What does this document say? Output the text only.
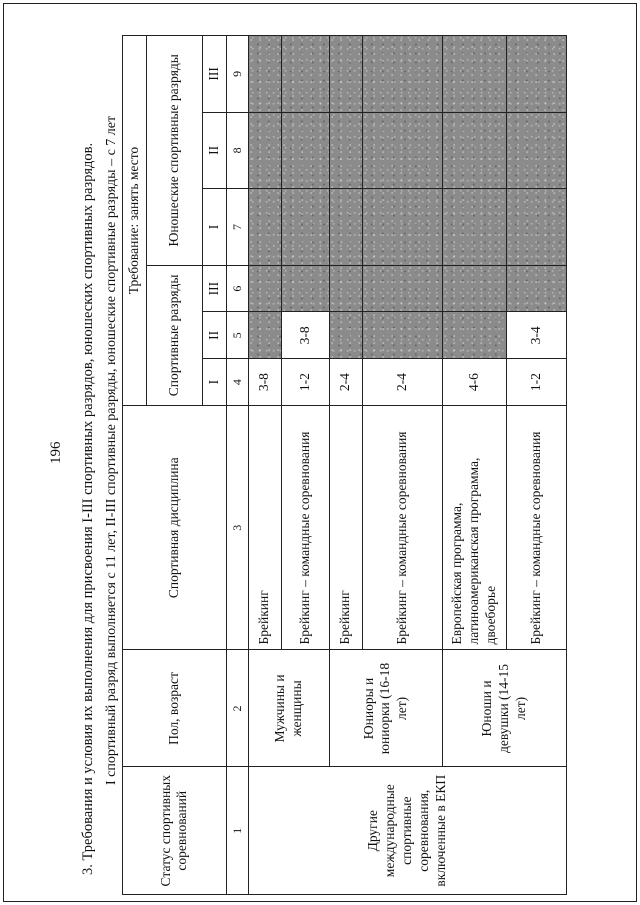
196 3. Требования и условия их выполнения для присвоения I-III спортивных разрядов, юношеских спортивных разрядов. I спортивный разряд выполняется с 11 лет, II-III спортивные разряды, юношеские спортивные разряды – с 7 лет
Статус спортивных соревнований	Пол, возраст	Спортивная дисциплина	Требование: занять место					
			Спортивные разряды			Юношеские спортивные разряды		
			I	II	III	I	II	III
1	2	3	4	5	6	7	8	9
Другие международные спортивные соревнования, включенные в ЕКП	Мужчины и женщины	Брейкинг	3-8					
		Брейкинг – командные соревнования	1-2	3-8				
	Юниоры и юниорки (16-18 лет)	Брейкинг	2-4					
		Брейкинг – командные соревнования	2-4					
	Юноши и девушки (14-15 лет)	Европейская программа, латиноамериканская программа, двоеборье	4-6					
		Брейкинг – командные соревнования	1-2	3-4				
